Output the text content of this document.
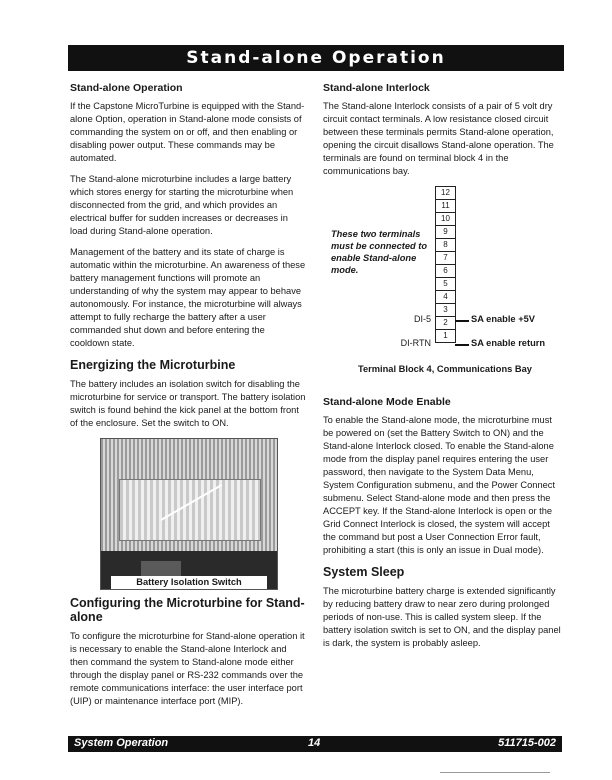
Stand-alone Operation
Stand-alone Operation

If the Capstone MicroTurbine is equipped with the Stand-alone Option, operation in Stand-alone mode consists of commanding the system on or off, and then enabling or disabling power output. These commands may be automated.

The Stand-alone microturbine includes a large battery which stores energy for starting the microturbine when disconnected from the grid, and which provides an electrical buffer for sudden increases or decreases in load during Stand-alone operation.

Management of the battery and its state of charge is automatic within the microturbine. An awareness of these battery management functions will promote an understanding of why the system may appear to behave autonomously. For instance, the microturbine will always attempt to fully recharge the battery after a user commanded shut down and before entering the cooldown state.

Energizing the Microturbine

The battery includes an isolation switch for disabling the microturbine for service or transport. The battery isolation switch is found behind the kick panel at the bottom front of the enclosure. Set the switch to ON.

Battery Isolation Switch
Configuring the Microturbine for Stand-alone

To configure the microturbine for Stand-alone operation it is necessary to enable the Stand-alone Interlock and then command the system to Stand-alone mode either through the display panel or RS-232 commands over the remote communications interface: the user interface port (UIP) or maintenance interface port (MIP).

Stand-alone Interlock

The Stand-alone Interlock consists of a pair of 5 volt dry circuit contact terminals. A low resistance closed circuit between these terminals permits Stand-alone operation, opening the circuit disallows Stand-alone operation. The terminals are found on terminal block 4 in the communications bay.

These two terminals must be connected to enable Stand-alone mode.
12
11
10
9
8
7
6
5
4
3
2
1
DI-5
DI-RTN
SA enable +5V
SA enable return
Terminal Block 4, Communications Bay
Stand-alone Mode Enable

To enable the Stand-alone mode, the microturbine must be powered on (set the Battery Switch to ON) and the Stand-alone Interlock closed. To enable the Stand-alone mode from the display panel requires entering the user password, then navigate to the System Data Menu, System Configuration submenu, and the Power Connect submenu. Select Stand-alone mode and then press the ACCEPT key. If the Stand-alone Interlock is open or the Grid Connect Interlock is closed, the system will accept the command but post a User Connection Error fault, prohibiting a start (this is only an issue in Dual mode).

System Sleep

The microturbine battery charge is extended significantly by reducing battery draw to near zero during prolonged periods of non-use. This is called system sleep. If the battery isolation switch is set to ON, and the display panel is dark, the system is probably asleep.

System Operation	14	511715-002
